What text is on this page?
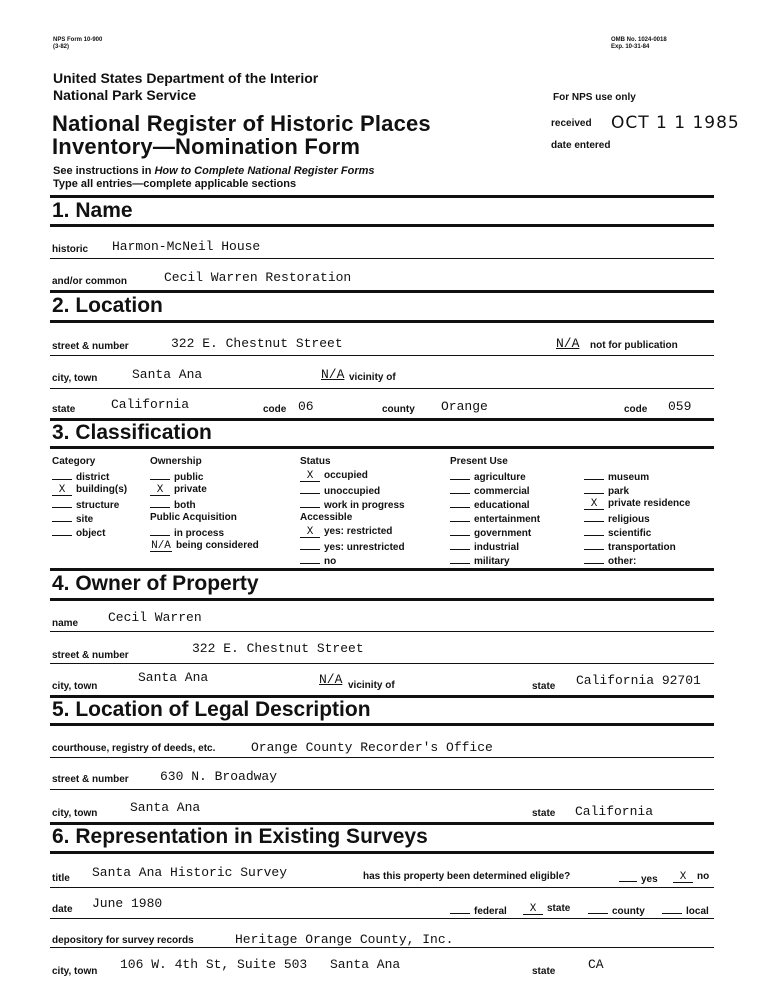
NPS Form 10-900
(3-82)
OMB No. 1024-0018
Exp. 10-31-84
United States Department of the Interior
National Park Service
National Register of Historic Places
Inventory—Nomination Form
For NPS use only
received OCT 1 1 1985
date entered
See instructions in How to Complete National Register Forms
Type all entries—complete applicable sections
1. Name
historic Harmon-McNeil House
and/or common	Cecil Warren Restoration
2. Location
street & number	322 E. Chestnut Street	N/A not for publication
city, town	Santa Ana	N/A vicinity of
state	California	code 06	county Orange	code 059
3. Classification
Category
district
X building(s)
structure
site
object
Ownership
public
X private
both
Public Acquisition
in process
N/A being considered
Status
X occupied
unoccupied
work in progress
Accessible
X yes: restricted
yes: unrestricted
no
Present Use
agriculture
commercial
educational
entertainment
government
industrial
military
museum
park
X private residence
religious
scientific
transportation
other:
4. Owner of Property
name Cecil Warren
street & number	322 E. Chestnut Street
city, town
Santa Ana	N/A vicinity of	state California 92701
5. Location of Legal Description
courthouse, registry of deeds, etc.	Orange County Recorder's Office
street & number 630 N. Broadway
city, town	Santa Ana	state California
6. Representation in Existing Surveys
title Santa Ana Historic Survey	has this property been determined eligible?	yes	X no
date June 1980
federal	X state	county	local
depository for survey records	Heritage Orange County, Inc.
city, town 106 W. 4th St, Suite 503 Santa Ana	state	CA
